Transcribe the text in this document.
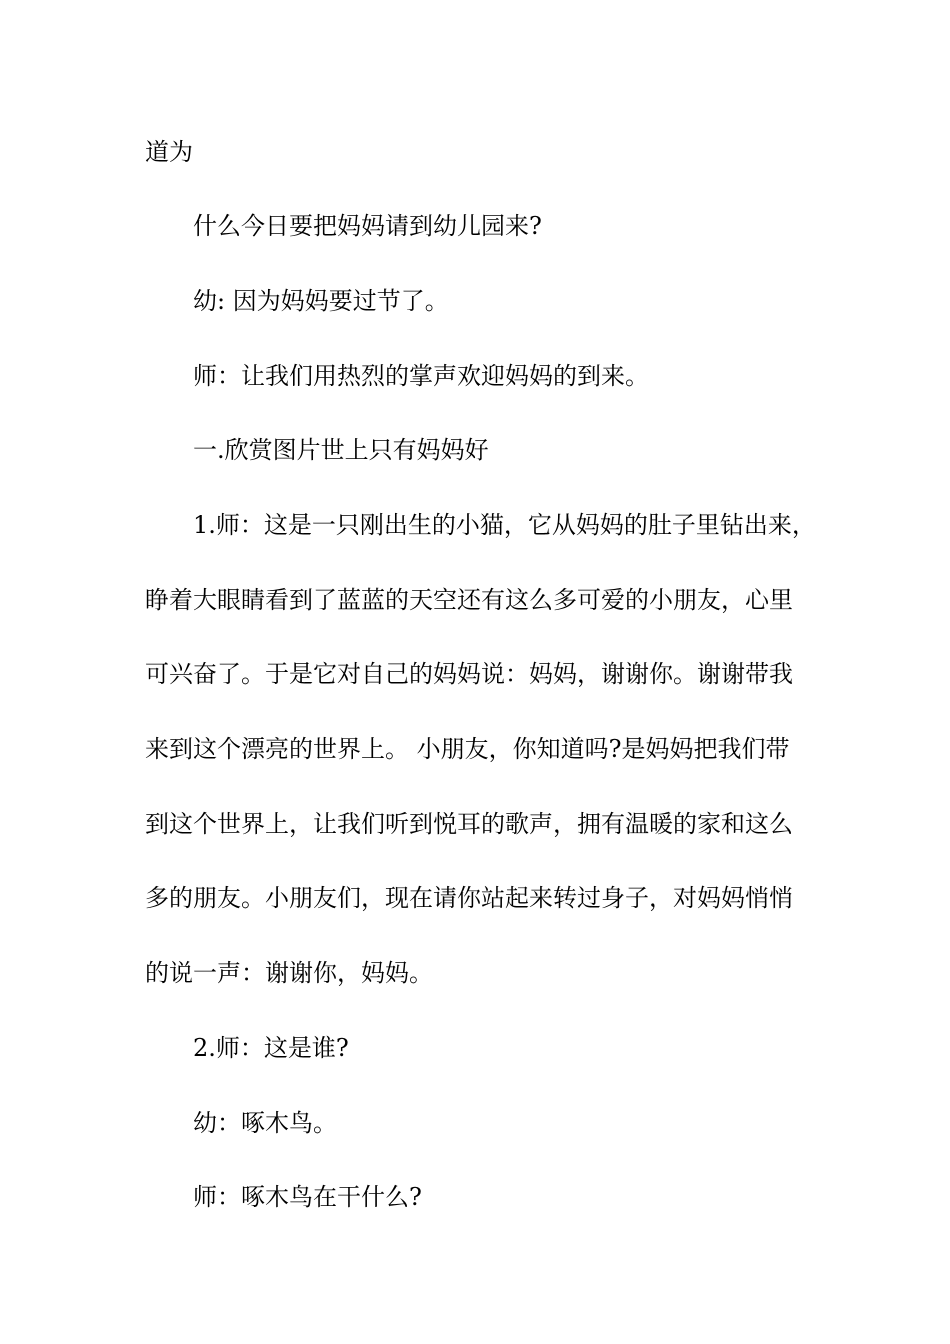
道为
什么今日要把妈妈请到幼儿园来?
幼: 因为妈妈要过节了。
师：让我们用热烈的掌声欢迎妈妈的到来。
一.欣赏图片世上只有妈妈好
1.师：这是一只刚出生的小猫，它从妈妈的肚子里钻出来，
睁着大眼睛看到了蓝蓝的天空还有这么多可爱的小朋友，心里
可兴奋了。于是它对自己的妈妈说：妈妈，谢谢你。谢谢带我
来到这个漂亮的世界上。 小朋友，你知道吗?是妈妈把我们带
到这个世界上，让我们听到悦耳的歌声，拥有温暖的家和这么
多的朋友。小朋友们，现在请你站起来转过身子，对妈妈悄悄
的说一声：谢谢你，妈妈。
2.师：这是谁?
幼：啄木鸟。
师：啄木鸟在干什么?
